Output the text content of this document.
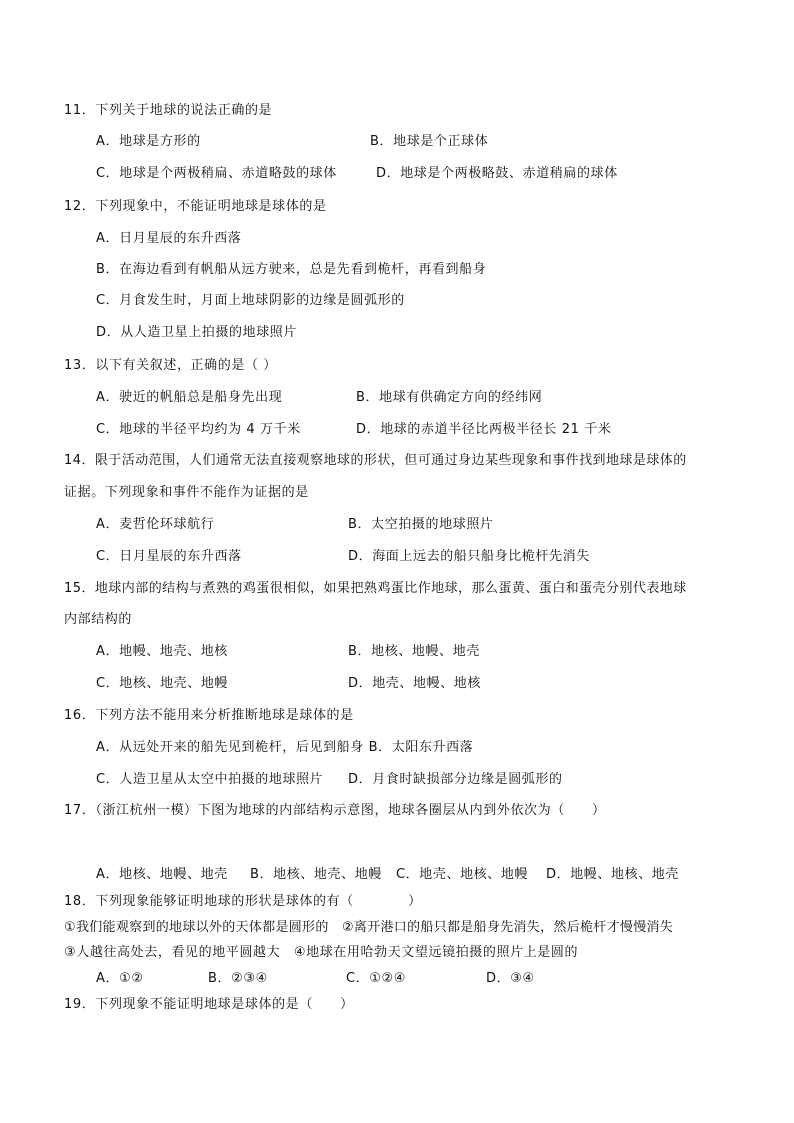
11．下列关于地球的说法正确的是
A．地球是方形的	B．地球是个正球体
C．地球是个两极稍扁、赤道略鼓的球体	D．地球是个两极略鼓、赤道稍扁的球体
12．下列现象中，不能证明地球是球体的是
A．日月星辰的东升西落
B．在海边看到有帆船从远方驶来，总是先看到桅杆，再看到船身
C．月食发生时，月面上地球阴影的边缘是圆弧形的
D．从人造卫星上拍摄的地球照片
13．以下有关叙述，正确的是（ ）
A．驶近的帆船总是船身先出现	B．地球有供确定方向的经纬网
C．地球的半径平均约为 4 万千米	D．地球的赤道半径比两极半径长 21 千米
14．限于活动范围，人们通常无法直接观察地球的形状，但可通过身边某些现象和事件找到地球是球体的
证据。下列现象和事件不能作为证据的是
A．麦哲伦环球航行	B．太空拍摄的地球照片
C．日月星辰的东升西落	D．海面上远去的船只船身比桅杆先消失
15．地球内部的结构与煮熟的鸡蛋很相似，如果把熟鸡蛋比作地球，那么蛋黄、蛋白和蛋壳分别代表地球
内部结构的
A．地幔、地壳、地核	B．地核、地幔、地壳
C．地核、地壳、地幔	D．地壳、地幔、地核
16．下列方法不能用来分析推断地球是球体的是
A．从远处开来的船先见到桅杆，后见到船身 B．太阳东升西落
C．人造卫星从太空中拍摄的地球照片 D．月食时缺损部分边缘是圆弧形的
17．（浙江杭州一模）下图为地球的内部结构示意图，地球各圈层从内到外依次为（　　）
A．地核、地幔、地壳 B．地核、地壳、地幔 C．地壳、地核、地幔 D．地幔、地核、地壳
18．下列现象能够证明地球的形状是球体的有（　　　　）
①我们能观察到的地球以外的天体都是圆形的　②离开港口的船只都是船身先消失，然后桅杆才慢慢消失
③人越往高处去，看见的地平圆越大　④地球在用哈勃天文望远镜拍摄的照片上是圆的
A．①②	B．②③④	C．①②④	D．③④
19．下列现象不能证明地球是球体的是（　　）
